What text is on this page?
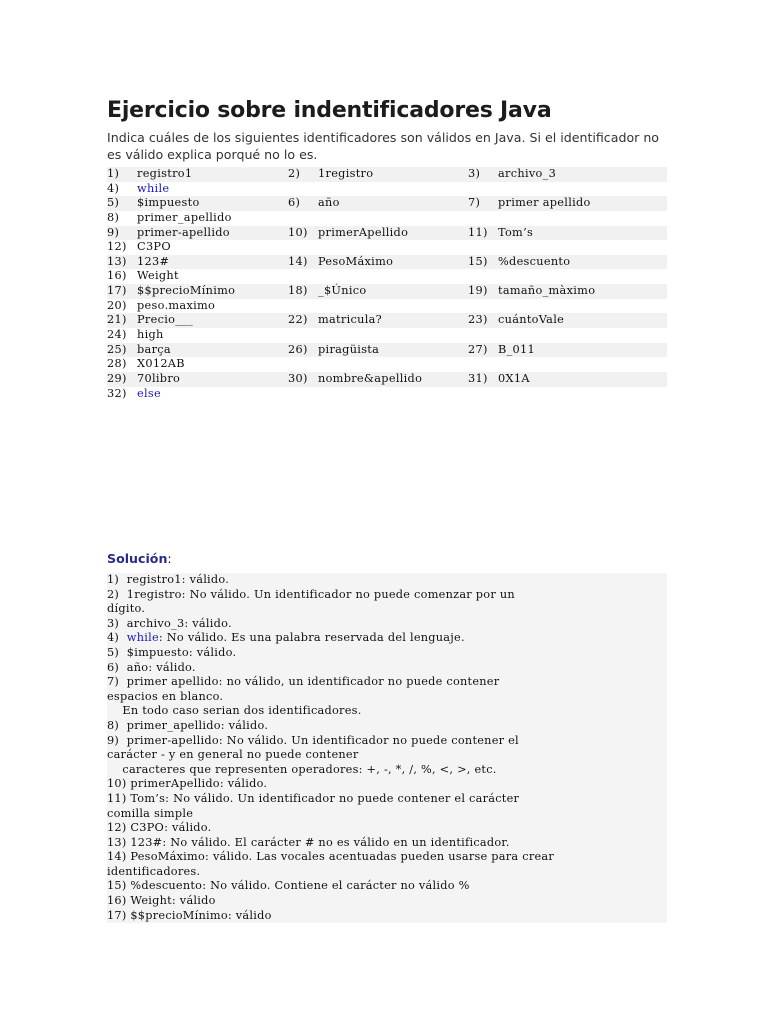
Ejercicio sobre indentificadores Java
Indica cuáles de los siguientes identificadores son válidos en Java. Si el identificador no es válido explica porqué no lo es.
1) registro1	2) 1registro	3) archivo_3
4) while
5) $impuesto	6) año	7) primer apellido
8) primer_apellido
9) primer-apellido	10) primerApellido	11) Tom’s
12) C3PO
13) 123#	14) PesoMáximo	15) %descuento
16) Weight
17) $$precioMínimo	18) _$Único	19) tamaño_màximo
20) peso.maximo
21) Precio___	22) matricula?	23) cuántoVale
24) high
25) barça	26) piragüista	27) B_011
28) X012AB
29) 70libro	30) nombre&apellido	31) 0X1A
32) else
Solución:
1)  registro1: válido.
2)  1registro: No válido. Un identificador no puede comenzar por un
dígito.
3)  archivo_3: válido.
4)  while: No válido. Es una palabra reservada del lenguaje.
5)  $impuesto: válido.
6)  año: válido.
7)  primer apellido: no válido, un identificador no puede contener
espacios en blanco.
En todo caso serian dos identificadores.
8)  primer_apellido: válido.
9)  primer-apellido: No válido. Un identificador no puede contener el
carácter - y en general no puede contener
caracteres que representen operadores: +, -, *, /, %, <, >, etc.
10) primerApellido: válido.
11) Tom’s: No válido. Un identificador no puede contener el carácter
comilla simple
12) C3PO: válido.
13) 123#: No válido. El carácter # no es válido en un identificador.
14) PesoMáximo: válido. Las vocales acentuadas pueden usarse para crear
identificadores.
15) %descuento: No válido. Contiene el carácter no válido %
16) Weight: válido
17) $$precioMínimo: válido
